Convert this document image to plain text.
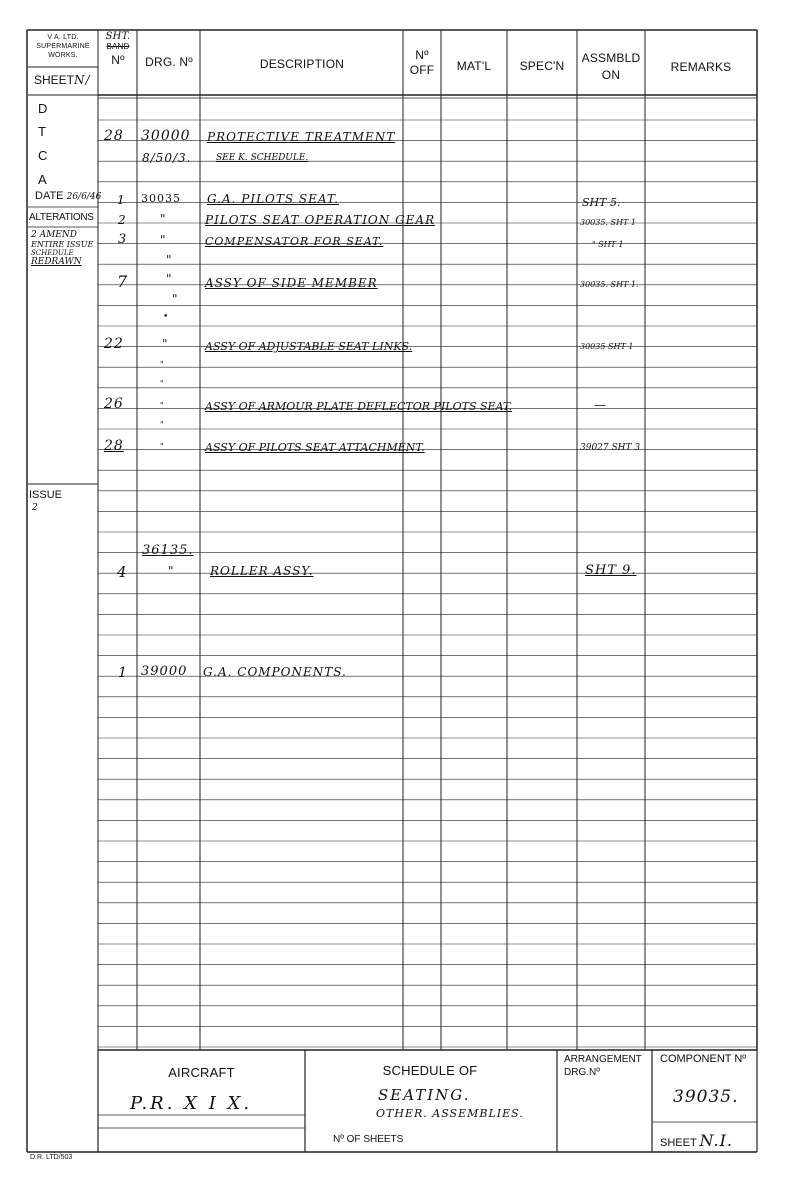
V A. LTD.
SUPERMARINE
WORKS.
SHEETN/
SHT.
BAND
Nº	DRG. Nº	DESCRIPTION
Nº
OFF	MAT'L	SPEC'N
ASSMBLD
ON
REMARKS
D
T
C
A
DATE 26/6/46
ALTERATIONS
2 AMEND
ENTIRE ISSUE
SCHEDULE
REDRAWN
ISSUE
2
28 30000 PROTECTIVE TREATMENT
8/50/3.	SEE K. SCHEDULE.
1 30035 G.A. PILOTS SEAT.	SHT 5.
2	"	PILOTS SEAT OPERATION GEAR	30035. SHT 1
3	"	COMPENSATOR FOR SEAT.	" SHT 1
"
7	"	ASSY OF SIDE MEMBER	30035. SHT 1.
"
•
22	"	ASSY OF ADJUSTABLE SEAT LINKS.	30035 SHT 1
"
"
26	"	ASSY OF ARMOUR PLATE DEFLECTOR PILOTS SEAT.	—
"
28	"	ASSY OF PILOTS SEAT ATTACHMENT.	39027 SHT 3
36135.
4	"	ROLLER ASSY.	SHT 9.
1 39000 G.A. COMPONENTS.
AIRCRAFT
P.R. X I X.
SCHEDULE OF
SEATING.
OTHER. ASSEMBLIES.
Nº OF SHEETS
ARRANGEMENT
DRG.Nº
COMPONENT Nº
39035.
SHEET N.I.
D.R. LTD/503
